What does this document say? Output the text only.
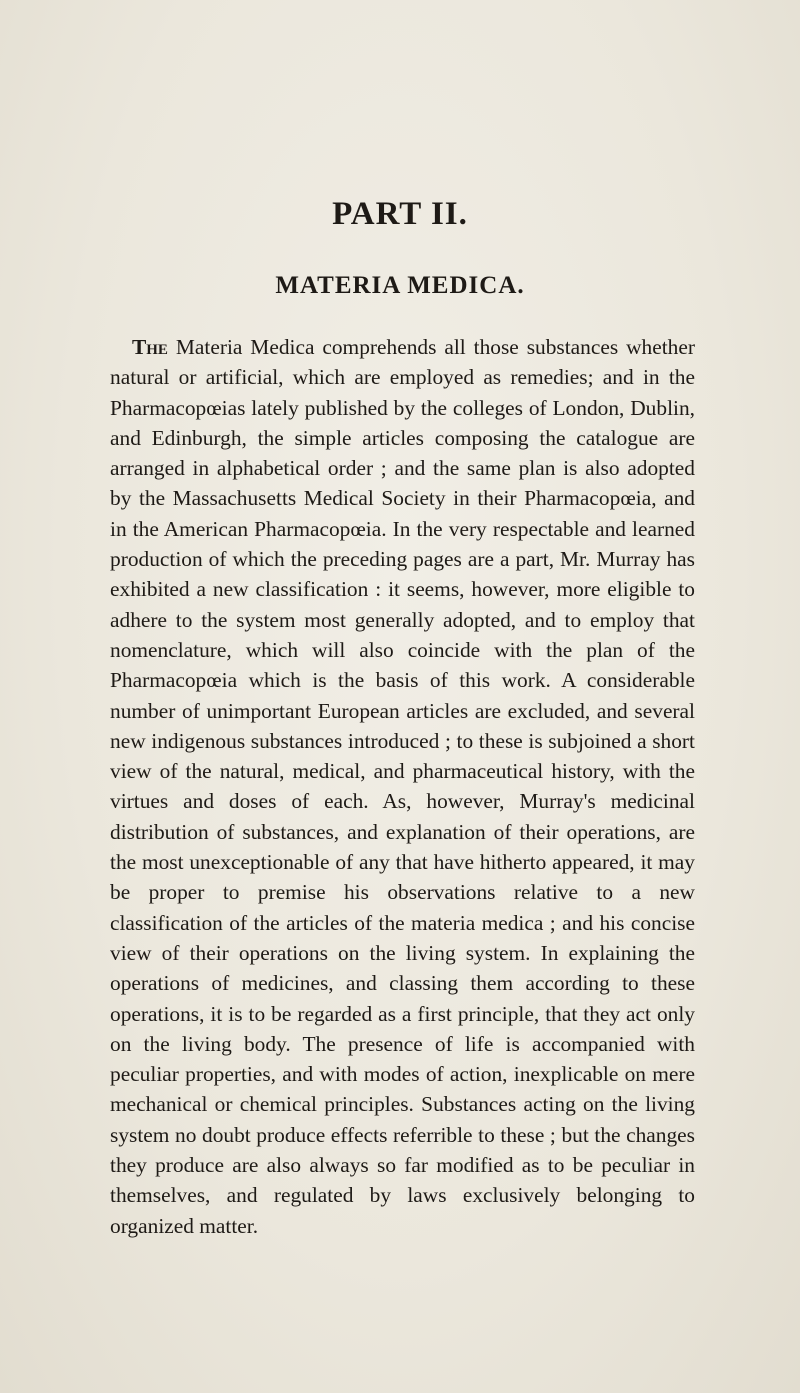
PART II.
MATERIA MEDICA.

The Materia Medica comprehends all those substances whether natural or artificial, which are employed as remedies; and in the Pharmacopœias lately published by the colleges of London, Dublin, and Edinburgh, the simple articles composing the catalogue are arranged in alphabetical order ; and the same plan is also adopted by the Massachusetts Medical Society in their Pharmacopœia, and in the American Pharmacopœia. In the very respectable and learned production of which the preceding pages are a part, Mr. Murray has exhibited a new classification : it seems, however, more eligible to adhere to the system most generally adopted, and to employ that nomenclature, which will also coincide with the plan of the Pharmacopœia which is the basis of this work. A considerable number of unimportant European articles are excluded, and several new indigenous substances introduced ; to these is subjoined a short view of the natural, medical, and pharmaceutical history, with the virtues and doses of each. As, however, Murray's medicinal distribution of substances, and explanation of their operations, are the most unexceptionable of any that have hitherto appeared, it may be proper to premise his observations relative to a new classification of the articles of the materia medica ; and his concise view of their operations on the living system. In explaining the operations of medicines, and classing them according to these operations, it is to be regarded as a first principle, that they act only on the living body. The presence of life is accompanied with peculiar properties, and with modes of action, inexplicable on mere mechanical or chemical principles. Substances acting on the living system no doubt produce effects referrible to these ; but the changes they produce are also always so far modified as to be peculiar in themselves, and regulated by laws exclusively belonging to organized matter.
